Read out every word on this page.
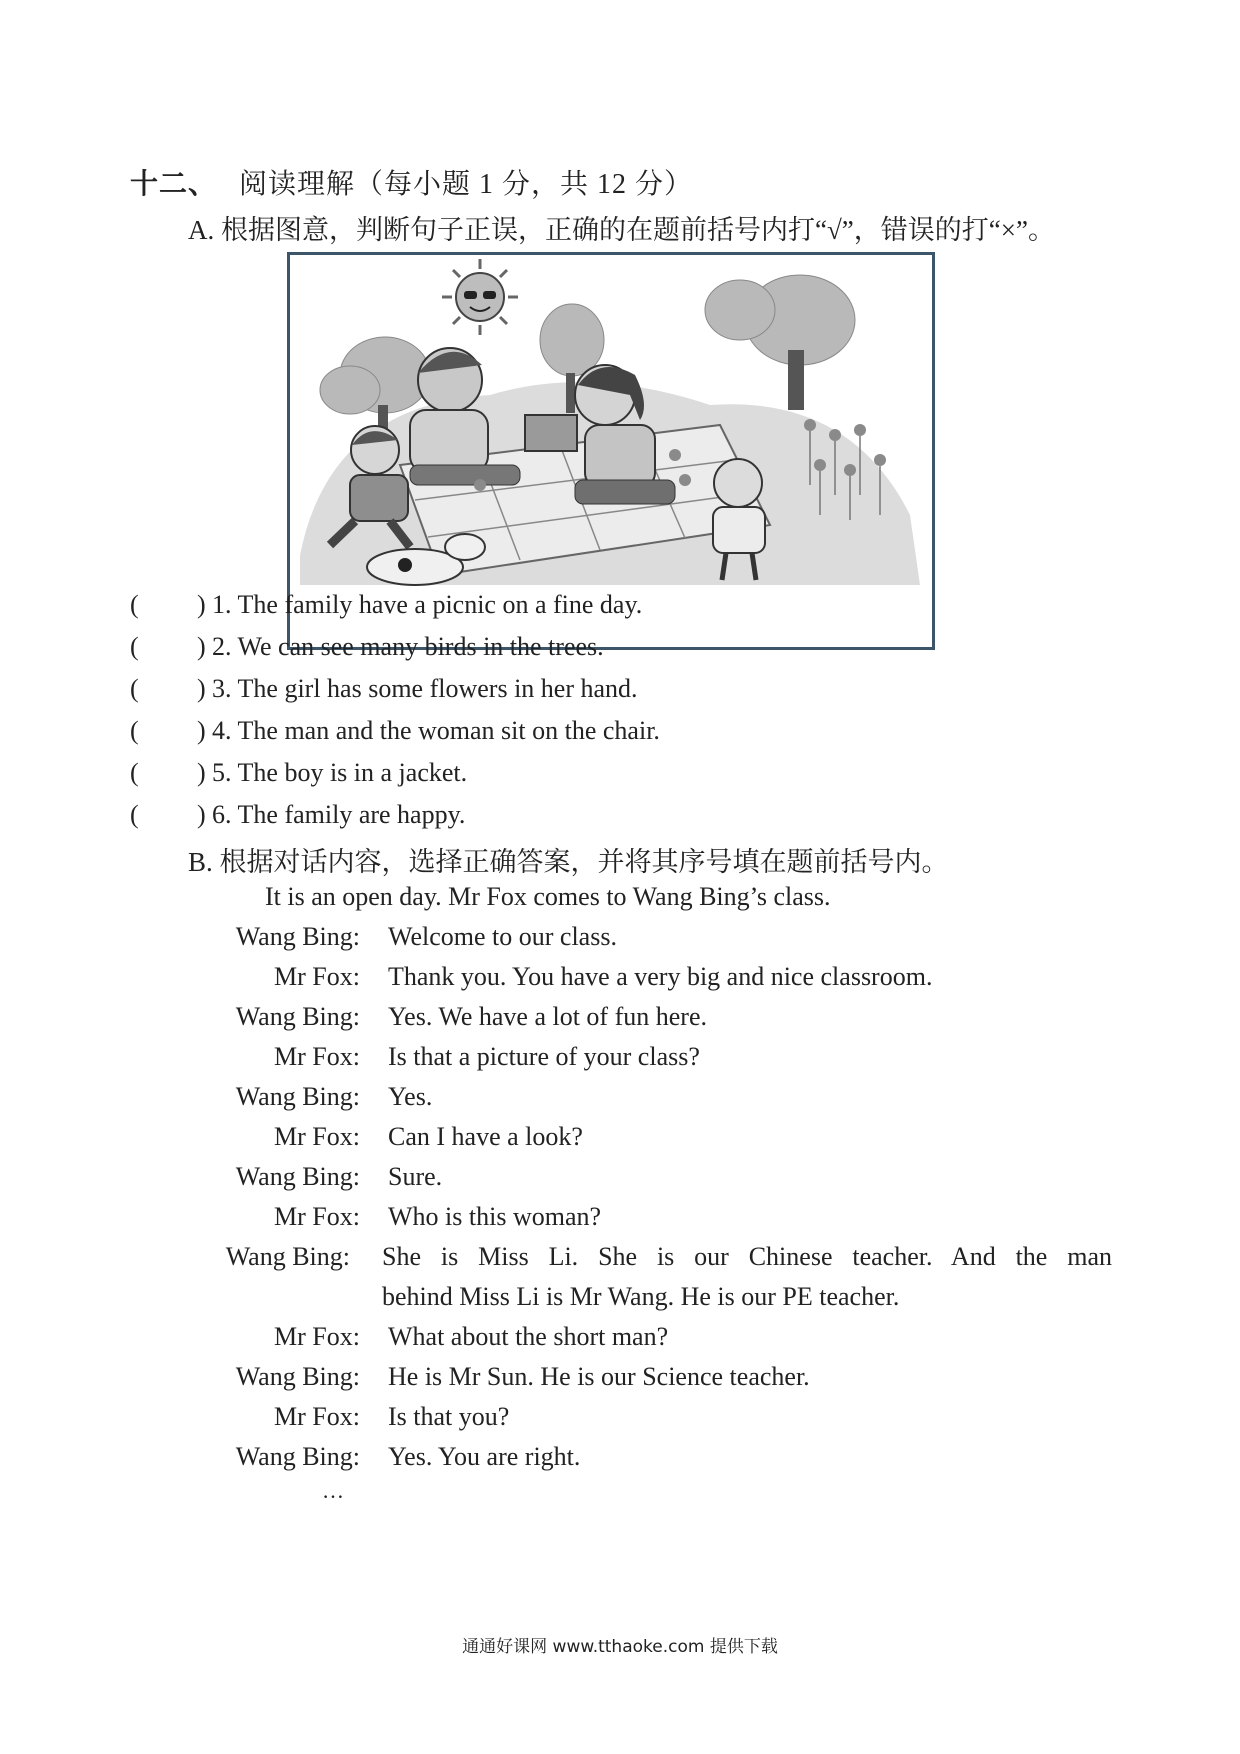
十二、 阅读理解（每小题 1 分，共 12 分）
A. 根据图意，判断句子正误，正确的在题前括号内打“√”，错误的打“×”。
( ) 1. The family have a picnic on a fine day.
( ) 2. We can see many birds in the trees.
( ) 3. The girl has some flowers in her hand.
( ) 4. The man and the woman sit on the chair.
( ) 5. The boy is in a jacket.
( ) 6. The family are happy.
B. 根据对话内容，选择正确答案，并将其序号填在题前括号内。
It is an open day. Mr Fox comes to Wang Bing’s class.
Wang Bing: Welcome to our class.
Mr Fox: Thank you. You have a very big and nice classroom.
Wang Bing: Yes. We have a lot of fun here.
Mr Fox: Is that a picture of your class?
Wang Bing: Yes.
Mr Fox: Can I have a look?
Wang Bing: Sure.
Mr Fox: Who is this woman?
Wang Bing: She is Miss Li. She is our Chinese teacher. And the man
behind Miss Li is Mr Wang. He is our PE teacher.
Mr Fox: What about the short man?
Wang Bing: He is Mr Sun. He is our Science teacher.
Mr Fox: Is that you?
Wang Bing: Yes. You are right.
…
通通好课网 www.tthaoke.com 提供下载
